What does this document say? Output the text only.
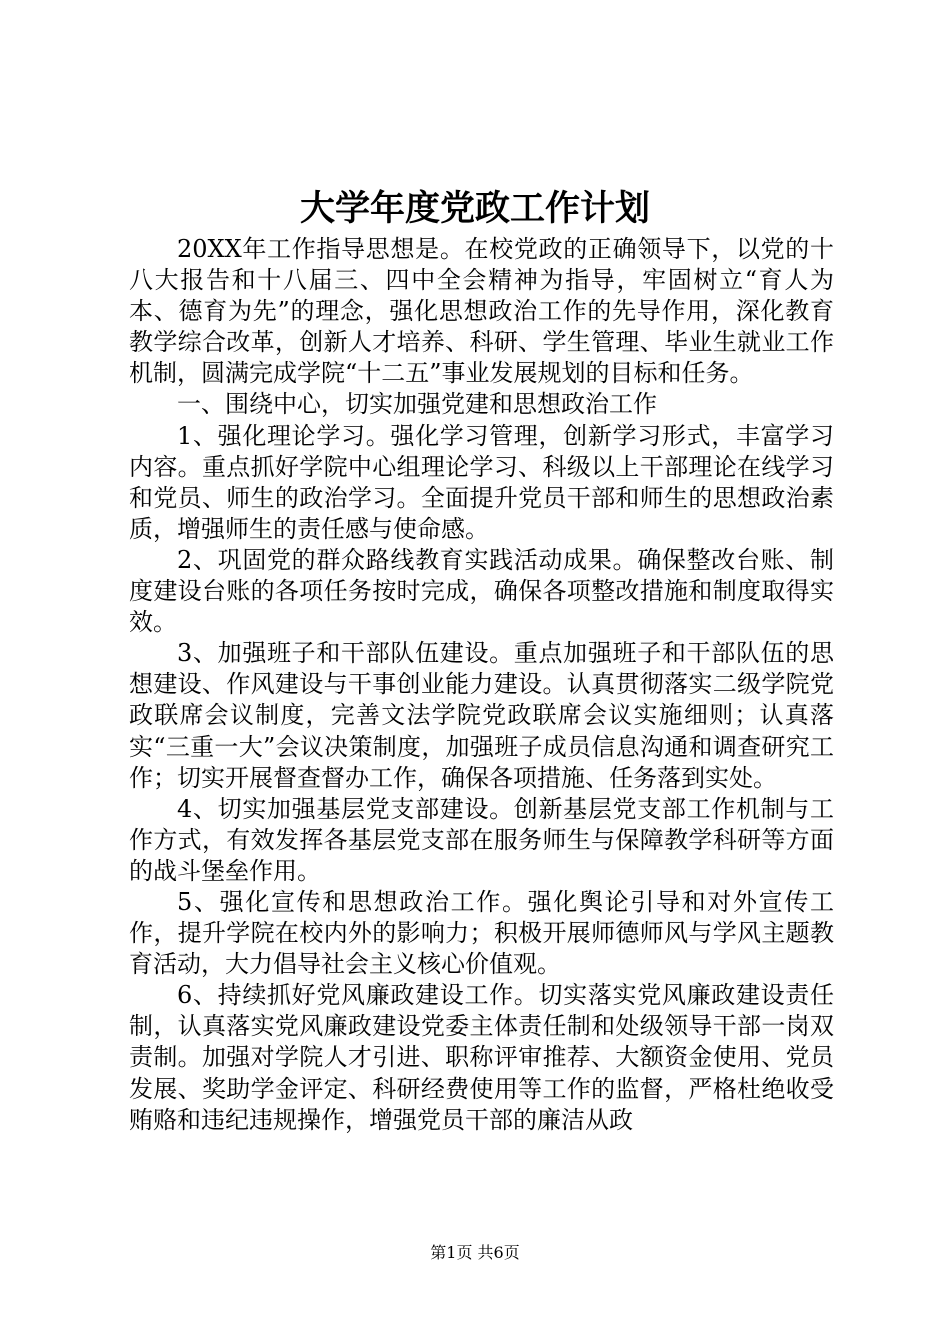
大学年度党政工作计划

20XX年工作指导思想是。在校党政的正确领导下，以党的十八大报告和十八届三、四中全会精神为指导，牢固树立“育人为本、德育为先”的理念，强化思想政治工作的先导作用，深化教育教学综合改革，创新人才培养、科研、学生管理、毕业生就业工作机制，圆满完成学院“十二五”事业发展规划的目标和任务。

一、围绕中心，切实加强党建和思想政治工作

1、强化理论学习。强化学习管理，创新学习形式，丰富学习内容。重点抓好学院中心组理论学习、科级以上干部理论在线学习和党员、师生的政治学习。全面提升党员干部和师生的思想政治素质，增强师生的责任感与使命感。

2、巩固党的群众路线教育实践活动成果。确保整改台账、制度建设台账的各项任务按时完成，确保各项整改措施和制度取得实效。

3、加强班子和干部队伍建设。重点加强班子和干部队伍的思想建设、作风建设与干事创业能力建设。认真贯彻落实二级学院党政联席会议制度，完善文法学院党政联席会议实施细则；认真落实“三重一大”会议决策制度，加强班子成员信息沟通和调查研究工作；切实开展督查督办工作，确保各项措施、任务落到实处。

4、切实加强基层党支部建设。创新基层党支部工作机制与工作方式，有效发挥各基层党支部在服务师生与保障教学科研等方面的战斗堡垒作用。

5、强化宣传和思想政治工作。强化舆论引导和对外宣传工作，提升学院在校内外的影响力；积极开展师德师风与学风主题教育活动，大力倡导社会主义核心价值观。

6、持续抓好党风廉政建设工作。切实落实党风廉政建设责任制，认真落实党风廉政建设党委主体责任制和处级领导干部一岗双责制。加强对学院人才引进、职称评审推荐、大额资金使用、党员发展、奖助学金评定、科研经费使用等工作的监督，严格杜绝收受贿赂和违纪违规操作，增强党员干部的廉洁从政

第1页 共6页
